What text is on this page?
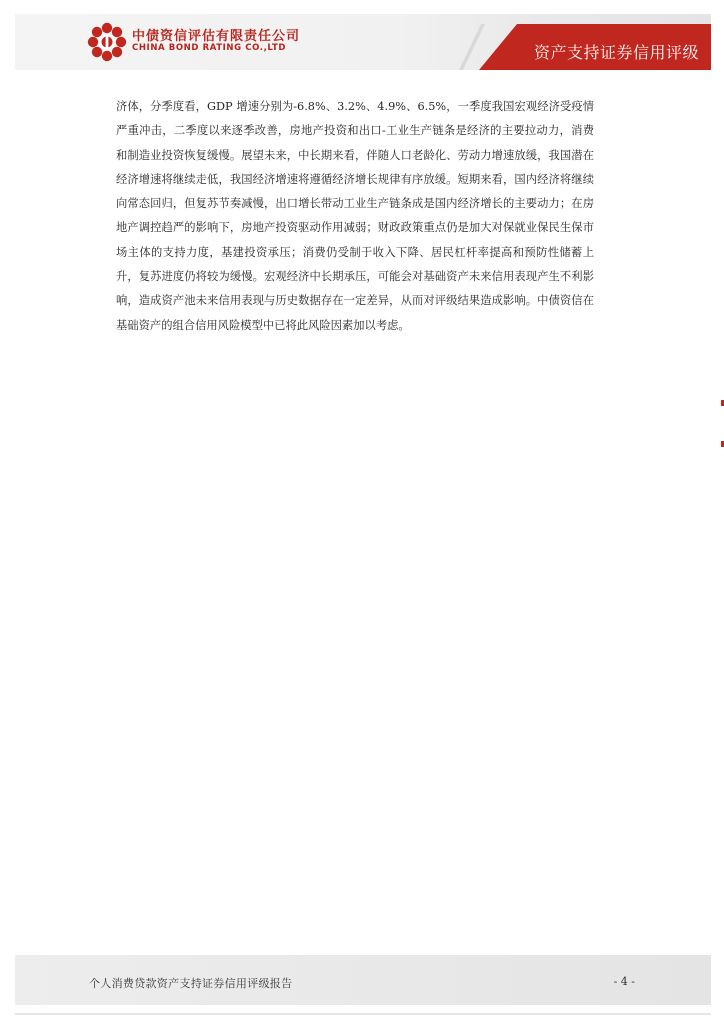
中债资信评估有限责任公司
CHINA BOND RATING CO.,LTD	资产支持证券信用评级

济体，分季度看，GDP 增速分别为-6.8%、3.2%、4.9%、6.5%，一季度我国宏观经济受疫情严重冲击，二季度以来逐季改善，房地产投资和出口-工业生产链条是经济的主要拉动力，消费和制造业投资恢复缓慢。展望未来，中长期来看，伴随人口老龄化、劳动力增速放缓，我国潜在经济增速将继续走低，我国经济增速将遵循经济增长规律有序放缓。短期来看，国内经济将继续向常态回归，但复苏节奏减慢，出口增长带动工业生产链条成是国内经济增长的主要动力；在房地产调控趋严的影响下，房地产投资驱动作用减弱；财政政策重点仍是加大对保就业保民生保市场主体的支持力度，基建投资承压；消费仍受制于收入下降、居民杠杆率提高和预防性储蓄上升，复苏进度仍将较为缓慢。宏观经济中长期承压，可能会对基础资产未来信用表现产生不利影响，造成资产池未来信用表现与历史数据存在一定差异，从而对评级结果造成影响。中债资信在基础资产的组合信用风险模型中已将此风险因素加以考虑。

个人消费贷款资产支持证券信用评级报告	- 4 -
